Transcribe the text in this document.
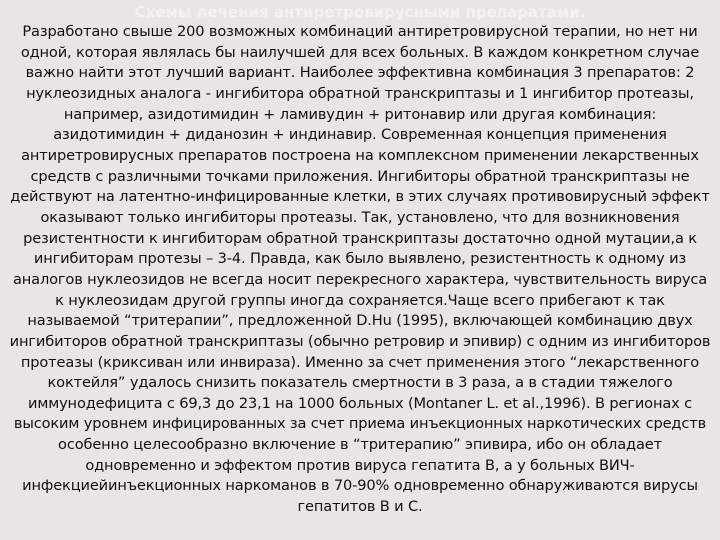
Схемы лечения антиретровирусными препаратами.

Разработано свыше 200 возможных комбинаций антиретровирусной терапии, но нет ни одной, которая являлась бы наилучшей для всех больных. В каждом конкретном случае важно найти этот лучший вариант. Наиболее эффективна комбинация 3 препаратов: 2 нуклеозидных аналога - ингибитора обратной транскриптазы и 1 ингибитор протеазы, например, азидотимидин + ламивудин + ритонавир или другая комбинация: азидотимидин + диданозин + индинавир. Современная концепция применения антиретровирусных препаратов построена на комплексном применении лекарственных средств с различными точками приложения. Ингибиторы обратной транскриптазы не действуют на латентно-инфицированные клетки, в этих случаях противовирусный эффект оказывают только ингибиторы протеазы. Так, установлено, что для возникновения резистентности к ингибиторам обратной транскриптазы достаточно одной мутации,а к ингибиторам протезы – 3-4. Правда, как было выявлено, резистентность к одному из аналогов нуклеозидов не всегда носит перекресного характера, чувствительность вируса к нуклеозидам другой группы иногда сохраняется.Чаще всего прибегают к так называемой “тритерапии”, предложенной D.Hu (1995), включающей комбинацию двух ингибиторов обратной транскриптазы (обычно ретровир и эпивир) с одним из ингибиторов протеазы (криксиван или инвираза). Именно за счет применения этого “лекарственного коктейля” удалось снизить показатель смертности в 3 раза, а в стадии тяжелого иммунодефицита с 69,3 до 23,1 на 1000 больных (Montaner L. et al.,1996). В регионах с высоким уровнем инфицированных за счет приема инъекционных наркотических средств особенно целесообразно включение в “тритерапию” эпивира, ибо он обладает одновременно и эффектом против вируса гепатита В, а у больных ВИЧ-инфекциейинъекционных наркоманов в 70-90% одновременно обнаруживаются вирусы гепатитов В и С.
